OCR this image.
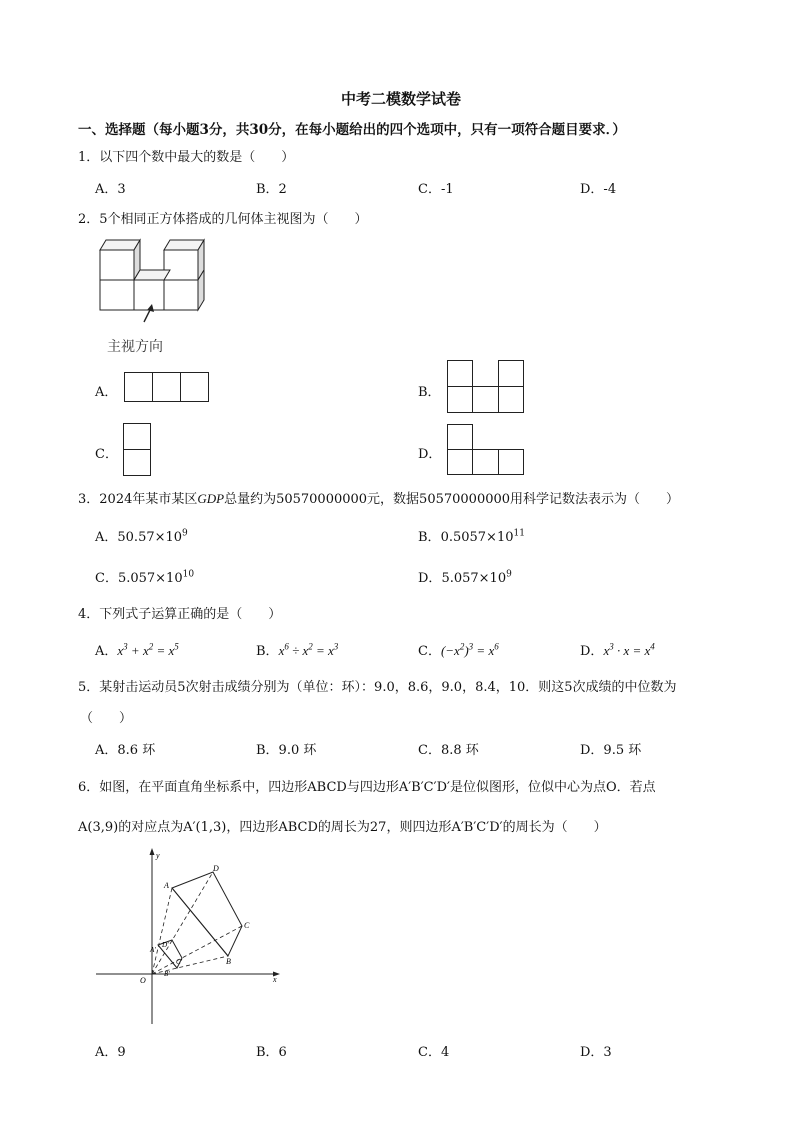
中考二模数学试卷
一、选择题（每小题3分，共30分，在每小题给出的四个选项中，只有一项符合题目要求．）
1．以下四个数中最大的数是（　　）
A．3	B．2	C．-1	D．-4
2．5个相同正方体搭成的几何体主视图为（　　）
主视方向
A．	B．
C．	D．
3．2024年某市某区GDP总量约为50570000000元，数据50570000000用科学记数法表示为（　　）
A．$50.57\times 10^9$	B．$0.5057\times 10^{11}$
C．$5.057\times 10^{10}$	D．$5.057\times 10^9$
4．下列式子运算正确的是（　　）
A．$x^3 + x^2 = x^5$	B．$x^6 \div x^2 = x^3$	C．$(-x^2)^3 = x^6$	D．$x^3 \cdot x = x^4$
5．某射击运动员5次射击成绩分别为（单位：环）：9.0，8.6，9.0，8.4，10．则这5次成绩的中位数为
（　　）
A．8.6 环	B．9.0 环	C．8.8 环	D．9.5 环
6．如图，在平面直角坐标系中，四边形ABCD与四边形A′B′C′D′是位似图形，位似中心为点O．若点
A(3,9)的对应点为A′(1,3)，四边形ABCD的周长为27，则四边形A′B′C′D′的周长为（　　）
y
x
O
A
D
C
B
A′
D′
C′
B′
A．9	B．6	C．4	D．3
